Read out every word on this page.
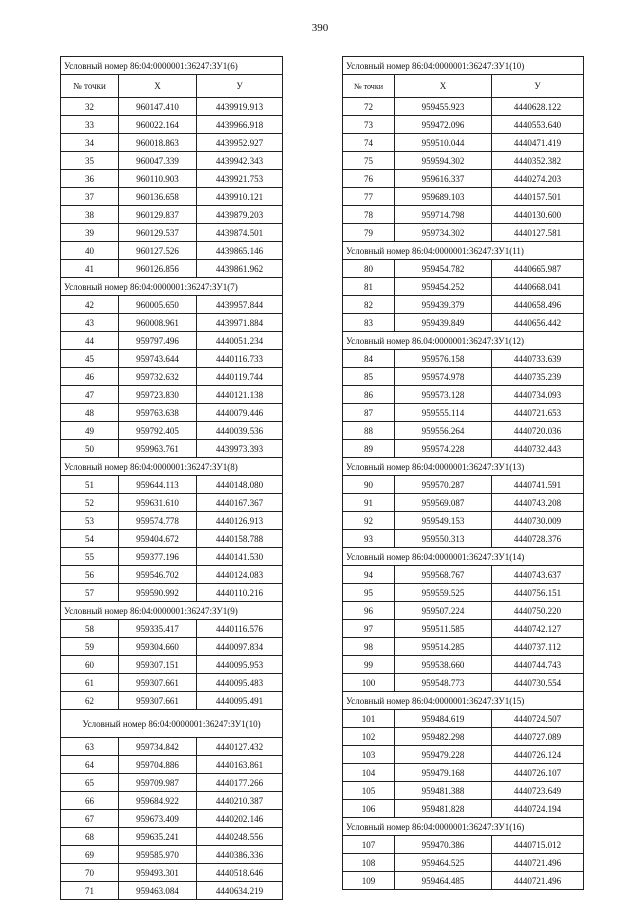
390
Условный номер 86:04:0000001:36247:ЗУ1(6)		
№ точки	X	У
32	960147.410	4439919.913
33	960022.164	4439966.918
34	960018.863	4439952.927
35	960047.339	4439942.343
36	960110.903	4439921.753
37	960136.658	4439910.121
38	960129.837	4439879.203
39	960129.537	4439874.501
40	960127.526	4439865.146
41	960126.856	4439861.962
Условный номер 86:04:0000001:36247:ЗУ1(7)		
42	960005.650	4439957.844
43	960008.961	4439971.884
44	959797.496	4440051.234
45	959743.644	4440116.733
46	959732.632	4440119.744
47	959723.830	4440121.138
48	959763.638	4440079.446
49	959792.405	4440039.536
50	959963.761	4439973.393
Условный номер 86:04:0000001:36247:ЗУ1(8)		
51	959644.113	4440148.080
52	959631.610	4440167.367
53	959574.778	4440126.913
54	959404.672	4440158.788
55	959377.196	4440141.530
56	959546.702	4440124.083
57	959590.992	4440110.216
Условный номер 86:04:0000001:36247:ЗУ1(9)		
58	959335.417	4440116.576
59	959304.660	4440097.834
60	959307.151	4440095.953
61	959307.661	4440095.483
62	959307.661	4440095.491
Условный номер 86:04:0000001:36247:ЗУ1(10)		
63	959734.842	4440127.432
64	959704.886	4440163.861
65	959709.987	4440177.266
66	959684.922	4440210.387
67	959673.409	4440202.146
68	959635.241	4440248.556
69	959585.970	4440386.336
70	959493.301	4440518.646
71	959463.084	4440634.219
Условный номер 86:04:0000001:36247:ЗУ1(10)		
№ точки	X	У
72	959455.923	4440628.122
73	959472.096	4440553.640
74	959510.044	4440471.419
75	959594.302	4440352.382
76	959616.337	4440274.203
77	959689.103	4440157.501
78	959714.798	4440130.600
79	959734.302	4440127.581
Условный номер 86:04:0000001:36247:ЗУ1(11)		
80	959454.782	4440665.987
81	959454.252	4440668.041
82	959439.379	4440658.496
83	959439.849	4440656.442
Условный номер 86.04:0000001:36247:ЗУ1(12)		
84	959576.158	4440733.639
85	959574.978	4440735.239
86	959573.128	4440734.093
87	959555.114	4440721.653
88	959556.264	4440720.036
89	959574.228	4440732.443
Условный номер 86:04:0000001:36247:ЗУ1(13)		
90	959570.287	4440741.591
91	959569.087	4440743.208
92	959549.153	4440730.009
93	959550.313	4440728.376
Условный номер 86:04:0000001:36247:ЗУ1(14)		
94	959568.767	4440743.637
95	959559.525	4440756.151
96	959507.224	4440750.220
97	959511.585	4440742.127
98	959514.285	4440737.112
99	959538.660	4440744.743
100	959548.773	4440730.554
Условный номер 86:04:0000001:36247:ЗУ1(15)		
101	959484.619	4440724.507
102	959482.298	4440727.089
103	959479.228	4440726.124
104	959479.168	4440726.107
105	959481.388	4440723.649
106	959481.828	4440724.194
Условный номер 86:04:0000001:36247:ЗУ1(16)		
107	959470.386	4440715.012
108	959464.525	4440721.496
109	959464.485	4440721.496
